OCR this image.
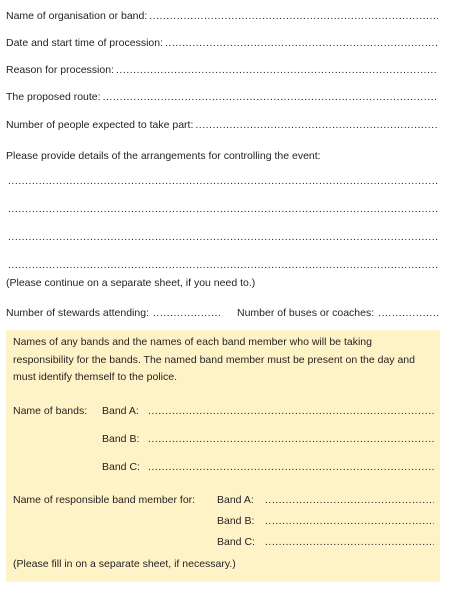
Name of organisation or band:
.....
Date and start time of procession:
.....
Reason for procession:
.....
The proposed route:
.....
Number of people expected to take part:
.....
Please provide details of the arrangements for controlling the event:
.....
.....
.....
.....
(Please continue on a separate sheet, if you need to.)
Number of stewards attending:
.....	Number of buses or coaches:
.....
Names of any bands and the names of each band member who will be taking responsibility for the bands. The named band member must be present on the day and must identify themself to the police.
Name of bands: Band A:
.....
Band B:
.....
Band C:
.....
Name of responsible band member for: Band A:
.....
Band B:
.....
Band C:
.....
(Please fill in on a separate sheet, if necessary.)
